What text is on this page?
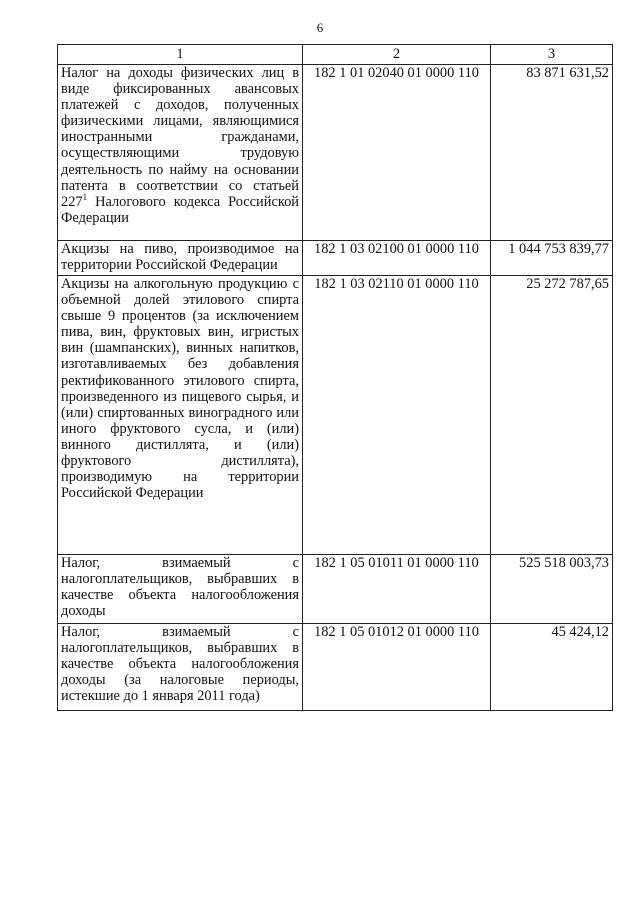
6
1	2	3
Налог на доходы физических лиц в виде фиксированных авансовых платежей с доходов, полученных физическими лицами, являющимися иностранными гражданами, осуществляющими трудовую деятельность по найму на основании патента в соответствии со статьей $227^1$ Налогового кодекса Российской Федерации	182 1 01 02040 01 0000 110	83 871 631,52
Акцизы на пиво, производимое на территории Российской Федерации	182 1 03 02100 01 0000 110	1 044 753 839,77
Акцизы на алкогольную продукцию с объемной долей этилового спирта свыше 9 процентов (за исключением пива, вин, фруктовых вин, игристых вин (шампанских), винных напитков, изготавливаемых без добавления ректификованного этилового спирта, произведенного из пищевого сырья, и (или) спиртованных виноградного или иного фруктового сусла, и (или) винного дистиллята, и (или) фруктового дистиллята), производимую на территории Российской Федерации	182 1 03 02110 01 0000 110	25 272 787,65
Налог, взимаемый с налогоплательщиков, выбравших в качестве объекта налогообложения доходы	182 1 05 01011 01 0000 110	525 518 003,73
Налог, взимаемый с налогоплательщиков, выбравших в качестве объекта налогообложения доходы (за налоговые периоды, истекшие до 1 января 2011 года)	182 1 05 01012 01 0000 110	45 424,12
